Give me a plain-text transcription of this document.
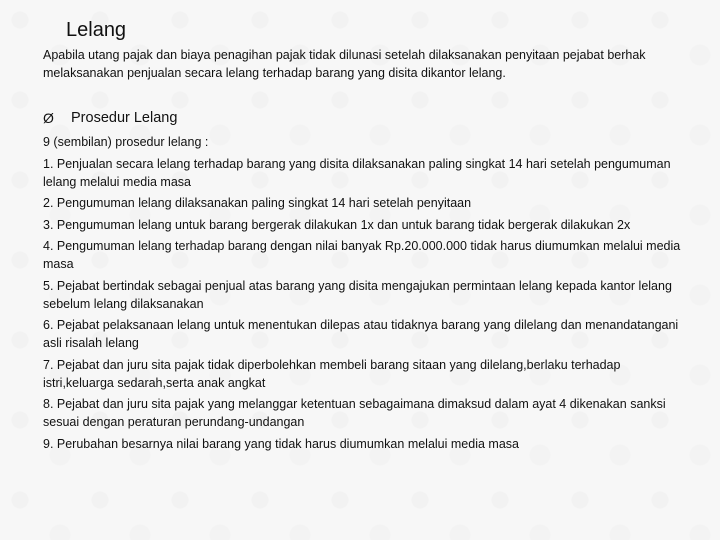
Lelang

Apabila utang pajak dan biaya penagihan pajak tidak dilunasi setelah dilaksanakan penyitaan pejabat berhak melaksanakan penjualan secara lelang terhadap barang yang disita dikantor lelang.

Ø	Prosedur Lelang
9 (sembilan) prosedur lelang :
1. Penjualan secara lelang terhadap barang yang disita dilaksanakan paling singkat 14 hari setelah pengumuman lelang melalui media masa
2. Pengumuman lelang dilaksanakan paling singkat 14 hari setelah penyitaan
3. Pengumuman lelang untuk barang bergerak dilakukan 1x dan untuk barang tidak bergerak dilakukan 2x
4. Pengumuman lelang terhadap barang dengan nilai banyak Rp.20.000.000 tidak harus diumumkan melalui media masa
5. Pejabat bertindak sebagai penjual atas barang yang disita mengajukan permintaan lelang kepada kantor lelang sebelum lelang dilaksanakan
6. Pejabat pelaksanaan lelang untuk menentukan dilepas atau tidaknya barang yang dilelang dan menandatangani asli risalah lelang
7. Pejabat dan juru sita pajak tidak diperbolehkan membeli barang sitaan yang dilelang,berlaku terhadap istri,keluarga sedarah,serta anak angkat
8. Pejabat dan juru sita pajak yang melanggar ketentuan sebagaimana dimaksud dalam ayat 4 dikenakan sanksi sesuai dengan peraturan perundang-undangan
9. Perubahan besarnya nilai barang yang tidak harus diumumkan melalui media masa
